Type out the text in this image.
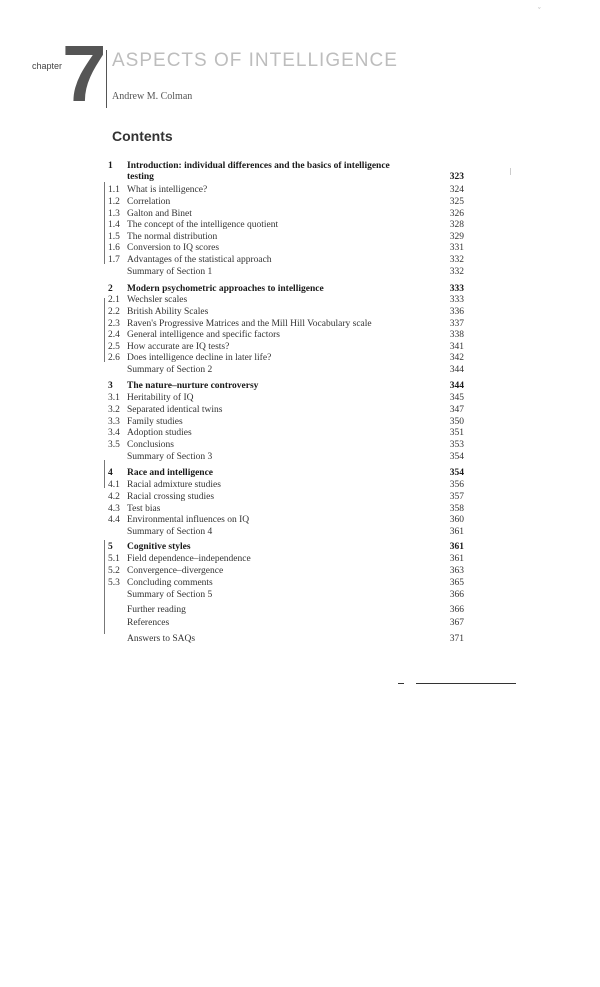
ˇ
chapter 7 ASPECTS OF INTELLIGENCE
Andrew M. Colman
Contents
1 Introduction: individual differences and the basics of intelligence
testing	323
1.1 What is intelligence?	324
1.2 Correlation	325
1.3 Galton and Binet	326
1.4 The concept of the intelligence quotient	328
1.5 The normal distribution	329
1.6 Conversion to IQ scores	331
1.7 Advantages of the statistical approach	332
Summary of Section 1	332
2 Modern psychometric approaches to intelligence	333
2.1 Wechsler scales	333
2.2 British Ability Scales	336
2.3 Raven's Progressive Matrices and the Mill Hill Vocabulary scale	337
2.4 General intelligence and specific factors	338
2.5 How accurate are IQ tests?	341
2.6 Does intelligence decline in later life?	342
Summary of Section 2	344
3 The nature–nurture controversy	344
3.1 Heritability of IQ	345
3.2 Separated identical twins	347
3.3 Family studies	350
3.4 Adoption studies	351
3.5 Conclusions	353
Summary of Section 3	354
4 Race and intelligence	354
4.1 Racial admixture studies	356
4.2 Racial crossing studies	357
4.3 Test bias	358
4.4 Environmental influences on IQ	360
Summary of Section 4	361
5 Cognitive styles	361
5.1 Field dependence–independence	361
5.2 Convergence–divergence	363
5.3 Concluding comments	365
Summary of Section 5	366
Further reading	366
References	367
Answers to SAQs	371
